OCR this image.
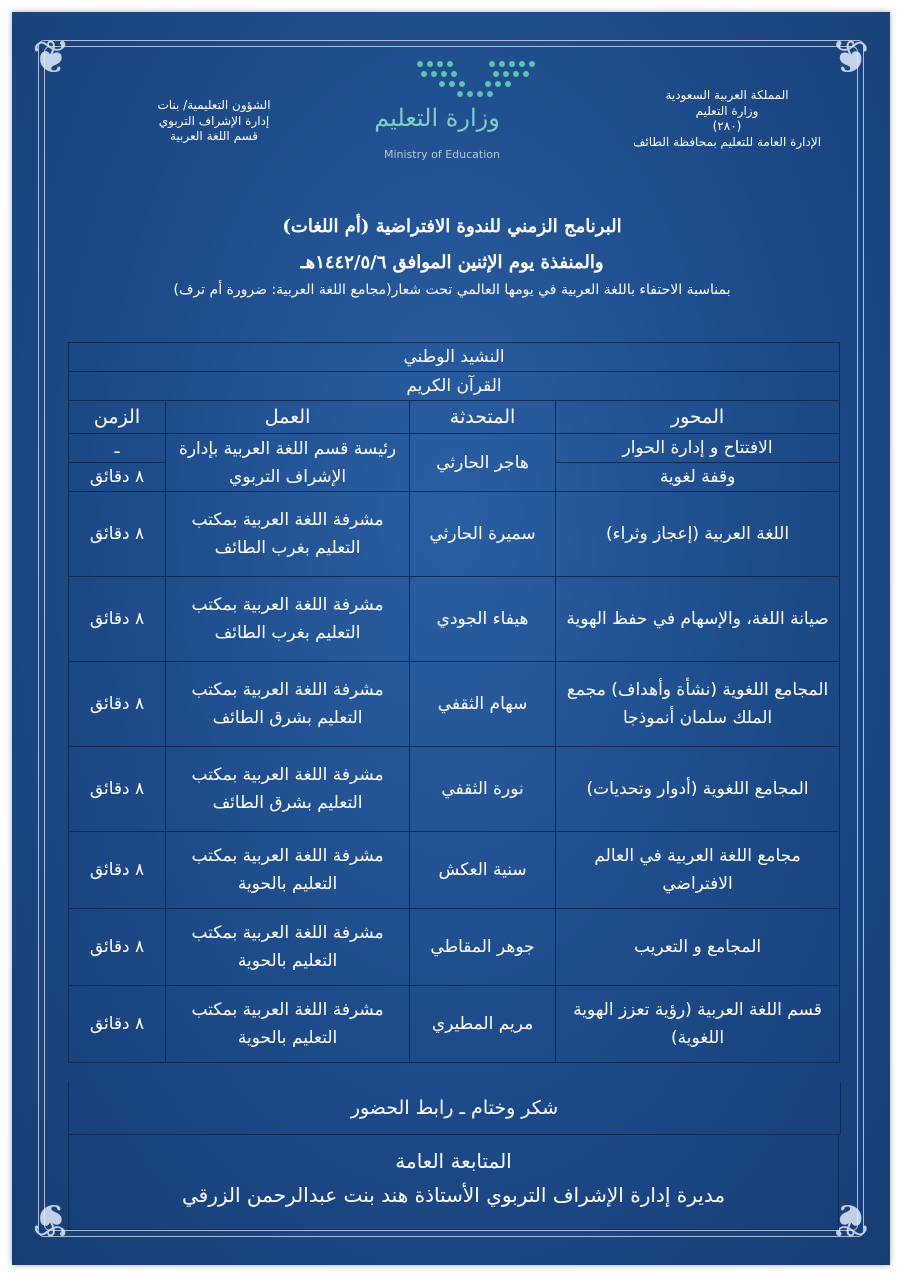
❦	❦
❦	❦
المملكة العربية السعودية
وزارة التعليم
(٢٨٠)
الإدارة العامة للتعليم بمحافظة الطائف
وزارة التعليم
Ministry of Education
الشؤون التعليمية/ بنات
إدارة الإشراف التربوي
قسم اللغة العربية
البرنامج الزمني للندوة الافتراضية (أم اللغات)
والمنفذة يوم الإثنين الموافق ١٤٤٢/٥/٦هـ
بمناسبة الاحتفاء باللغة العربية في يومها العالمي تحت شعار(مجامع اللغة العربية: ضرورة أم ترف)
النشيد الوطني			
القرآن الكريم			
المحور	المتحدثة	العمل	الزمن
الافتتاح و إدارة الحوار	هاجر الحارثي	رئيسة قسم اللغة العربية بإدارة الإشراف التربوي	ـ
وقفة لغوية			٨ دقائق
اللغة العربية (إعجاز وثراء)	سميرة الحارثي	مشرفة اللغة العربية بمكتب التعليم بغرب الطائف	٨ دقائق
صيانة اللغة، والإسهام في حفظ الهوية	هيفاء الجودي	مشرفة اللغة العربية بمكتب التعليم بغرب الطائف	٨ دقائق
المجامع اللغوية (نشأة وأهداف) مجمع الملك سلمان أنموذجا	سهام الثقفي	مشرفة اللغة العربية بمكتب التعليم بشرق الطائف	٨ دقائق
المجامع اللغوية (أدوار وتحديات)	نورة الثقفي	مشرفة اللغة العربية بمكتب التعليم بشرق الطائف	٨ دقائق
مجامع اللغة العربية في العالم الافتراضي	سنية العكش	مشرفة اللغة العربية بمكتب التعليم بالحوية	٨ دقائق
المجامع و التعريب	جوهر المقاطي	مشرفة اللغة العربية بمكتب التعليم بالحوية	٨ دقائق
قسم اللغة العربية (رؤية تعزز الهوية اللغوية)	مريم المطيري	مشرفة اللغة العربية بمكتب التعليم بالحوية	٨ دقائق
شكر وختام ـ رابط الحضور
المتابعة العامة
مديرة إدارة الإشراف التربوي الأستاذة هند بنت عبدالرحمن الزرقي
